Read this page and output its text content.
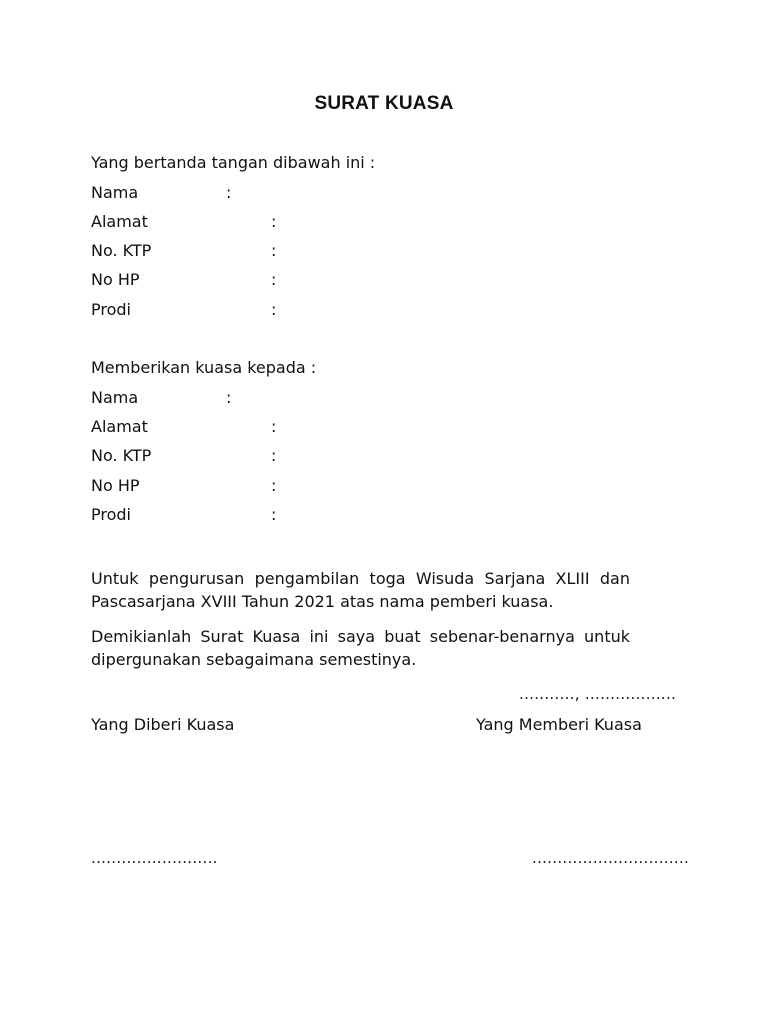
SURAT KUASA
Yang bertanda tangan dibawah ini :
Nama	:
Alamat	:
No. KTP	:
No HP	:
Prodi	:
Memberikan kuasa kepada :
Nama	:
Alamat	:
No. KTP	:
No HP	:
Prodi	:
Untuk pengurusan pengambilan toga Wisuda Sarjana XLIII dan Pascasarjana XVIII Tahun 2021 atas nama pemberi kuasa.
Demikianlah Surat Kuasa ini saya buat sebenar-benarnya untuk dipergunakan sebagaimana semestinya.
..........., ..................
Yang Diberi Kuasa	Yang Memberi Kuasa
.........................	...............................
